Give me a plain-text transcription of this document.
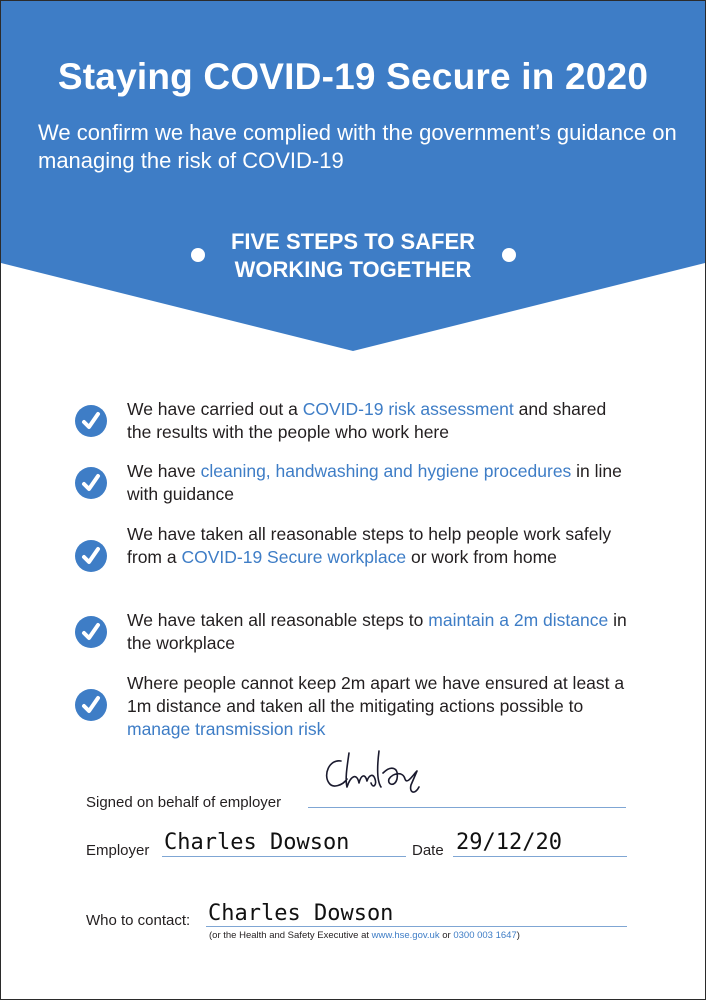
Staying COVID-19 Secure in 2020
We confirm we have complied with the government’s guidance on managing the risk of COVID-19
FIVE STEPS TO SAFER
WORKING TOGETHER
We have carried out a COVID-19 risk assessment and shared the results with the people who work here
We have cleaning, handwashing and hygiene procedures in line with guidance
We have taken all reasonable steps to help people work safely from a COVID-19 Secure workplace or work from home
We have taken all reasonable steps to maintain a 2m distance in the workplace
Where people cannot keep 2m apart we have ensured at least a 1m distance and taken all the mitigating actions possible to manage transmission risk
Signed on behalf of employer
Employer Charles Dowson	Date 29/12/20
Who to contact: Charles Dowson
(or the Health and Safety Executive at www.hse.gov.uk or 0300 003 1647)
